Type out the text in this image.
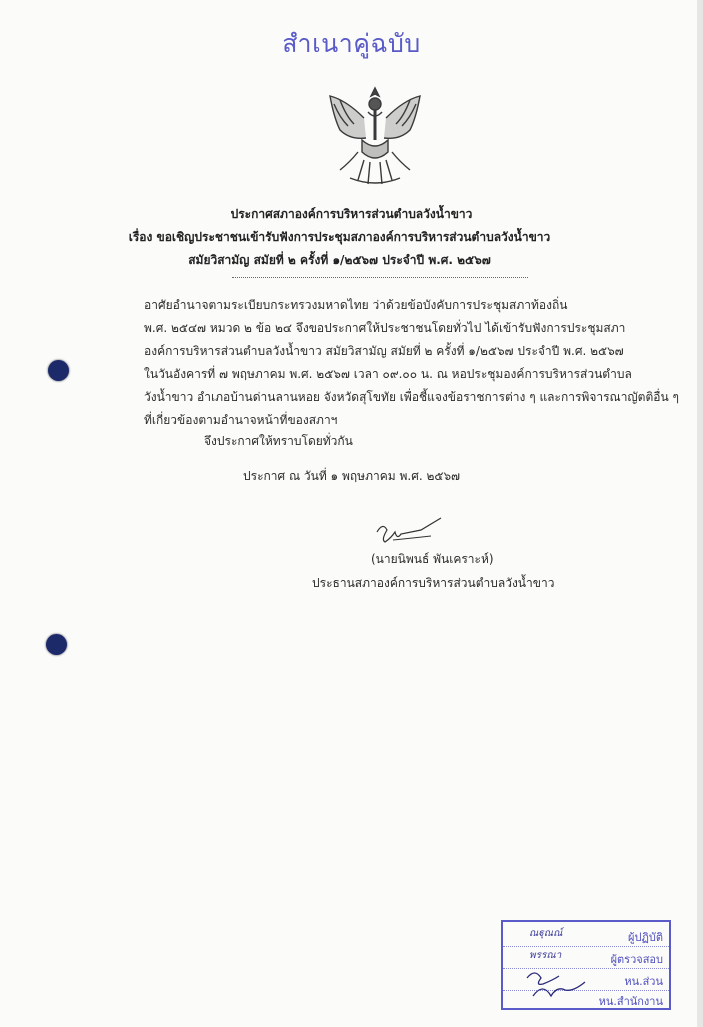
สำเนาคู่ฉบับ
ประกาศสภาองค์การบริหารส่วนตำบลวังน้ำขาว
เรื่อง ขอเชิญประชาชนเข้ารับฟังการประชุมสภาองค์การบริหารส่วนตำบลวังน้ำขาว
สมัยวิสามัญ สมัยที่ ๒ ครั้งที่ ๑/๒๕๖๗ ประจำปี พ.ศ. ๒๕๖๗
อาศัยอำนาจตามระเบียบกระทรวงมหาดไทย ว่าด้วยข้อบังคับการประชุมสภาท้องถิ่น
พ.ศ. ๒๕๔๗ หมวด ๒ ข้อ ๒๔ จึงขอประกาศให้ประชาชนโดยทั่วไป ได้เข้ารับฟังการประชุมสภา
องค์การบริหารส่วนตำบลวังน้ำขาว สมัยวิสามัญ สมัยที่ ๒ ครั้งที่ ๑/๒๕๖๗ ประจำปี พ.ศ. ๒๕๖๗
ในวันอังคารที่ ๗ พฤษภาคม พ.ศ. ๒๕๖๗ เวลา ๐๙.๐๐ น. ณ หอประชุมองค์การบริหารส่วนตำบล
วังน้ำขาว อำเภอบ้านด่านลานหอย จังหวัดสุโขทัย เพื่อชี้แจงข้อราชการต่าง ๆ และการพิจารณาญัตติอื่น ๆ
ที่เกี่ยวข้องตามอำนาจหน้าที่ของสภาฯ
จึงประกาศให้ทราบโดยทั่วกัน
ประกาศ ณ วันที่ ๑ พฤษภาคม พ.ศ. ๒๕๖๗
(นายนิพนธ์ พันเคราะห์)
ประธานสภาองค์การบริหารส่วนตำบลวังน้ำขาว
ณฐุณณ์	ผู้ปฏิบัติ
พรรณา	ผู้ตรวจสอบ
หน.ส่วน
หน.สำนักงาน
